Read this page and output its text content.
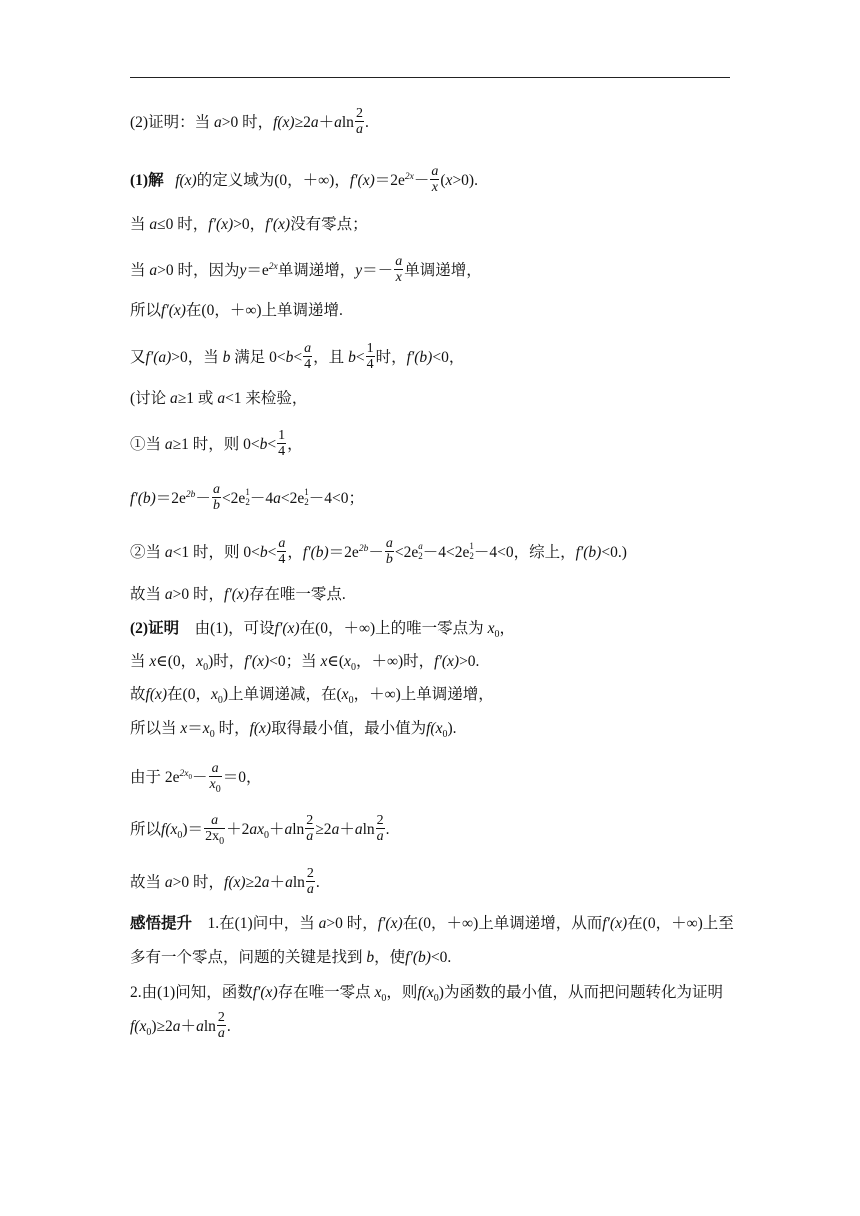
(2)证明：当 a>0 时，$f(x)\ge 2a+aln \frac{2}{a}$ .
(1)解 f(x)的定义域为(0，＋∞)，$f'(x)=2e^{2x}- \frac{a}{x} (x>0)$.
当 a≤0 时，f′(x)>0，f′(x)没有零点；
当 a>0 时，因为$y=e^{2x}$单调递增，$y=- \frac{a}{x}$ 单调递增，
所以f′(x)在(0，＋∞)上单调递增.
又f′(a)>0，当 b 满足 $0<b< \frac{a}{4}$ ，且 $b< \frac{1}{4}$ 时，f′(b)<0，
(讨论 a≥1 或 a<1 来检验，
①当 a≥1 时，则 $0<b< \frac{1}{4}$ ，
$f'(b)=2e^{2b}- \frac{a}{b} <2e$ 1
2 －4a<2e 1
2 －4<0；
②当 a<1 时，则 $0<b< \frac{a}{4}$ ，$f'(b)=2e^{2b}- \frac{a}{b} <2e$ a
2 －4<2e 1
2 －4<0，综上，f′(b)<0.)
故当 a>0 时，f′(x)存在唯一零点.
(2)证明 由(1)，可设f′(x)在(0，＋∞)上的唯一零点为 $x_0$，
当 x∈(0，$x_0$)时，f′(x)<0；当 $x\in(x_0$，＋∞)时，f′(x)>0.
故f(x)在(0，$x_0$)上单调递减，在($x_0$，＋∞)上单调递增，
所以当 $x=x_0$ 时，f(x)取得最小值，最小值为$f(x_0)$.
由于 $2e^{2x_0}- \frac{a}{x_0} =0$，
所以$f(x_0)= \frac{a}{2x_0} +2ax_0+aln \frac{2}{a} \ge 2a+aln \frac{2}{a}$ .
故当 a>0 时，$f(x)\ge 2a+aln \frac{2}{a}$ .
感悟提升 1.在(1)问中，当 a>0 时，f′(x)在(0，＋∞)上单调递增，从而f′(x)在(0，＋∞)上至多有一个零点，问题的关键是找到 b，使f′(b)<0.
2.由(1)问知，函数f′(x)存在唯一零点 $x_0$，则$f(x_0)$为函数的最小值，从而把问题转化为证明$f(x_0)\ge 2a+aln \frac{2}{a}$ .
